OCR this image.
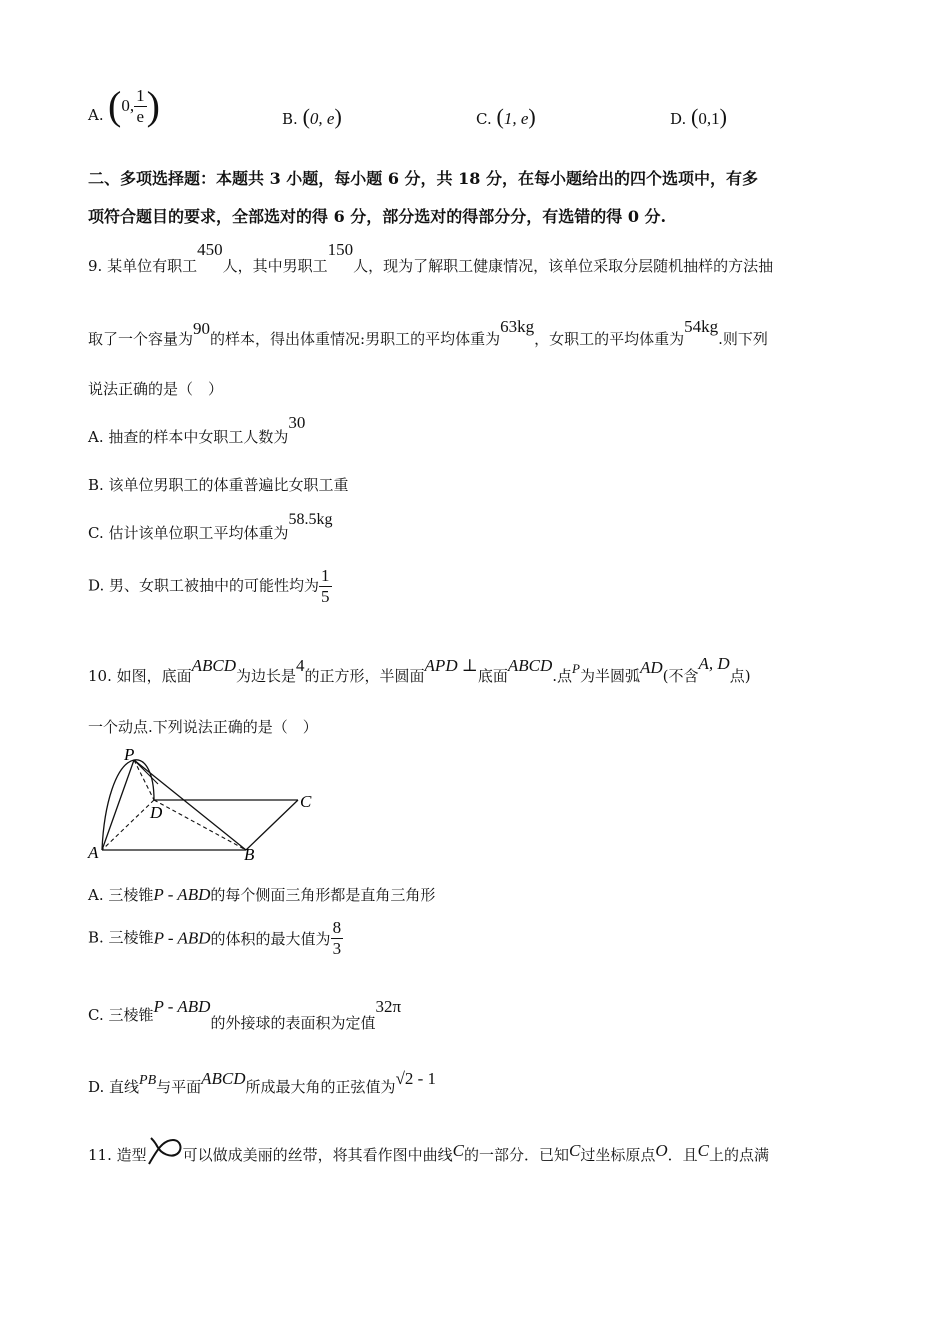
A. (0, $\frac{1}{e}$ )	B. (0, e)	C. (1, e)	D. (0,1)
二、多项选择题：本题共 3 小题，每小题 6 分，共 18 分，在每小题给出的四个选项中，有多
项符合题目的要求，全部选对的得 6 分，部分选对的得部分分，有选错的得 0 分.
9. 某单位有职工450人，其中男职工150人，现为了解职工健康情况，该单位采取分层随机抽样的方法抽
取了一个容量为90的样本，得出体重情况:男职工的平均体重为63kg，女职工的平均体重为54kg.则下列
说法正确的是（　）
A. 抽查的样本中女职工人数为30
B. 该单位男职工的体重普遍比女职工重
C. 估计该单位职工平均体重为58.5kg
D. 男、女职工被抽中的可能性均为 $\frac{1}{5}$
10. 如图，底面ABCD为边长是4的正方形，半圆面APD ⊥底面ABCD.点P为半圆弧AD(不含A, D点)
一个动点.下列说法正确的是（　）
P
D
C
A	B
A. 三棱锥P - ABD的每个侧面三角形都是直角三角形
B. 三棱锥P - ABD的体积的最大值为 $\frac{8}{3}$
C. 三棱锥P - ABD的外接球的表面积为定值32π
D. 直线PB与平面ABCD所成最大角的正弦值为√2 - 1
11. 造型 可以做成美丽的丝带，将其看作图中曲线C的一部分．已知C过坐标原点O．且C上的点满
